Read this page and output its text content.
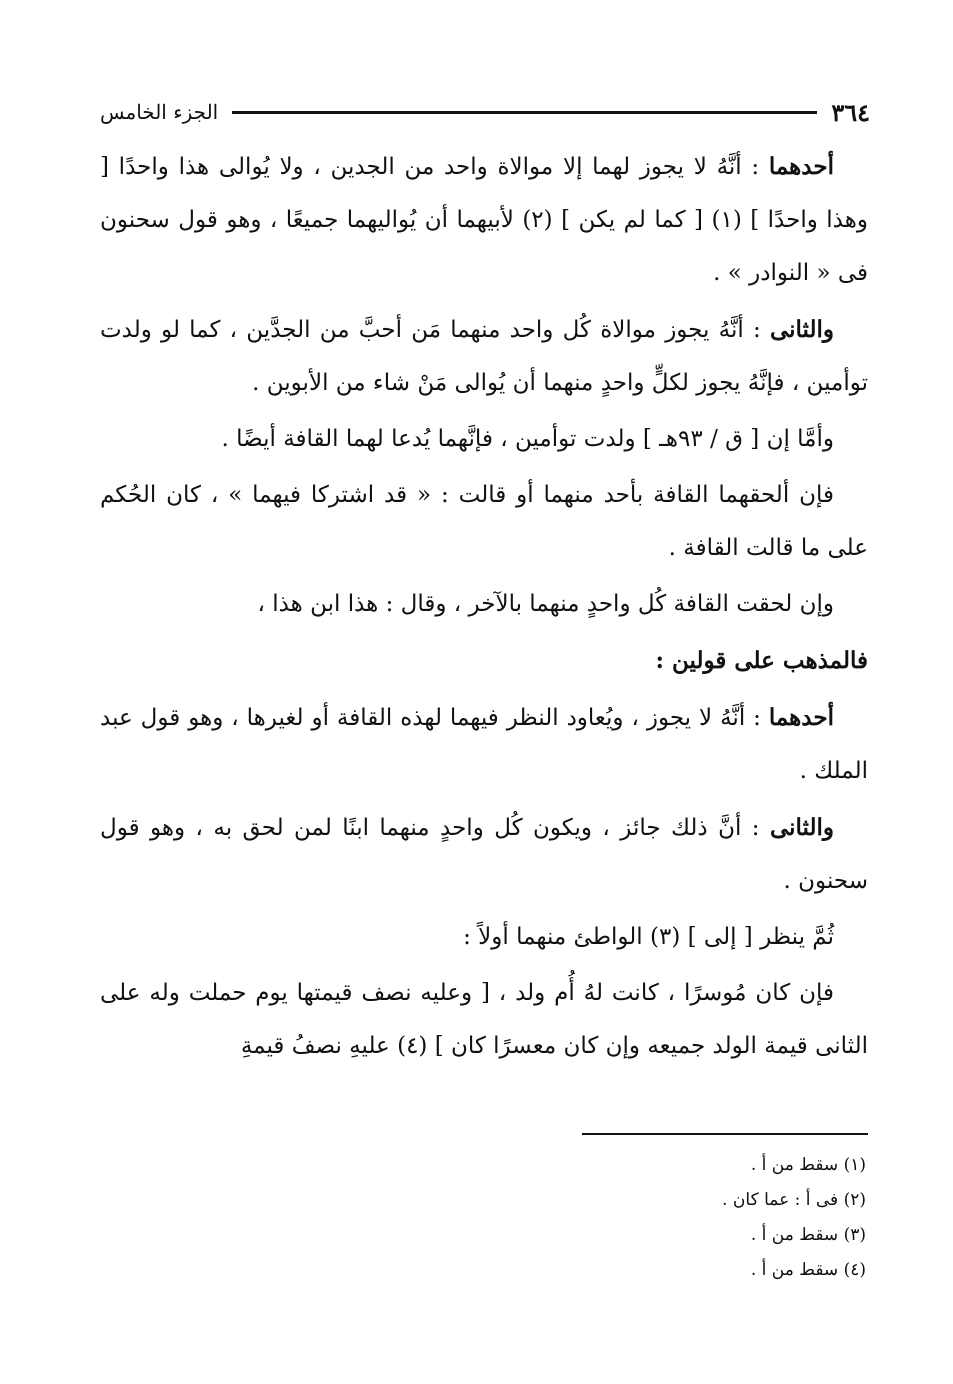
٣٦٤
الجزء الخامس

أحدهما : أنَّهُ لا يجوز لهما إلا موالاة واحد من الجدين ، ولا يُوالى هذا واحدًا [ وهذا واحدًا ] (١) [ كما لم يكن ] (٢) لأبيهما أن يُواليهما جميعًا ، وهو قول سحنون فى « النوادر » .

والثانى : أنَّهُ يجوز موالاة كُل واحد منهما مَن أحبَّ من الجدَّين ، كما لو ولدت توأمين ، فإنَّهُ يجوز لكلٍّ واحدٍ منهما أن يُوالى مَنْ شاء من الأبوين .

وأمَّا إن [ ق / ٩٣هـ ] ولدت توأمين ، فإنَّهما يُدعا لهما القافة أيضًا .

فإن ألحقهما القافة بأحد منهما أو قالت : « قد اشتركا فيهما » ، كان الحُكم على ما قالت القافة .

وإن لحقت القافة كُل واحدٍ منهما بالآخر ، وقال : هذا ابن هذا ،

فالمذهب على قولين :

أحدهما : أنَّهُ لا يجوز ، ويُعاود النظر فيهما لهذه القافة أو لغيرها ، وهو قول عبد الملك .

والثانى : أنَّ ذلك جائز ، ويكون كُل واحدٍ منهما ابنًا لمن لحق به ، وهو قول سحنون .

ثُمَّ ينظر [ إلى ] (٣) الواطئ منهما أولاً :

فإن كان مُوسرًا ، كانت لهُ أُم ولد ، [ وعليه نصف قيمتها يوم حملت وله على الثانى قيمة الولد جميعه وإن كان معسرًا كان ] (٤) عليهِ نصفُ قيمةِ

(١) سقط من أ .
(٢) فى أ : عما كان .
(٣) سقط من أ .
(٤) سقط من أ .
